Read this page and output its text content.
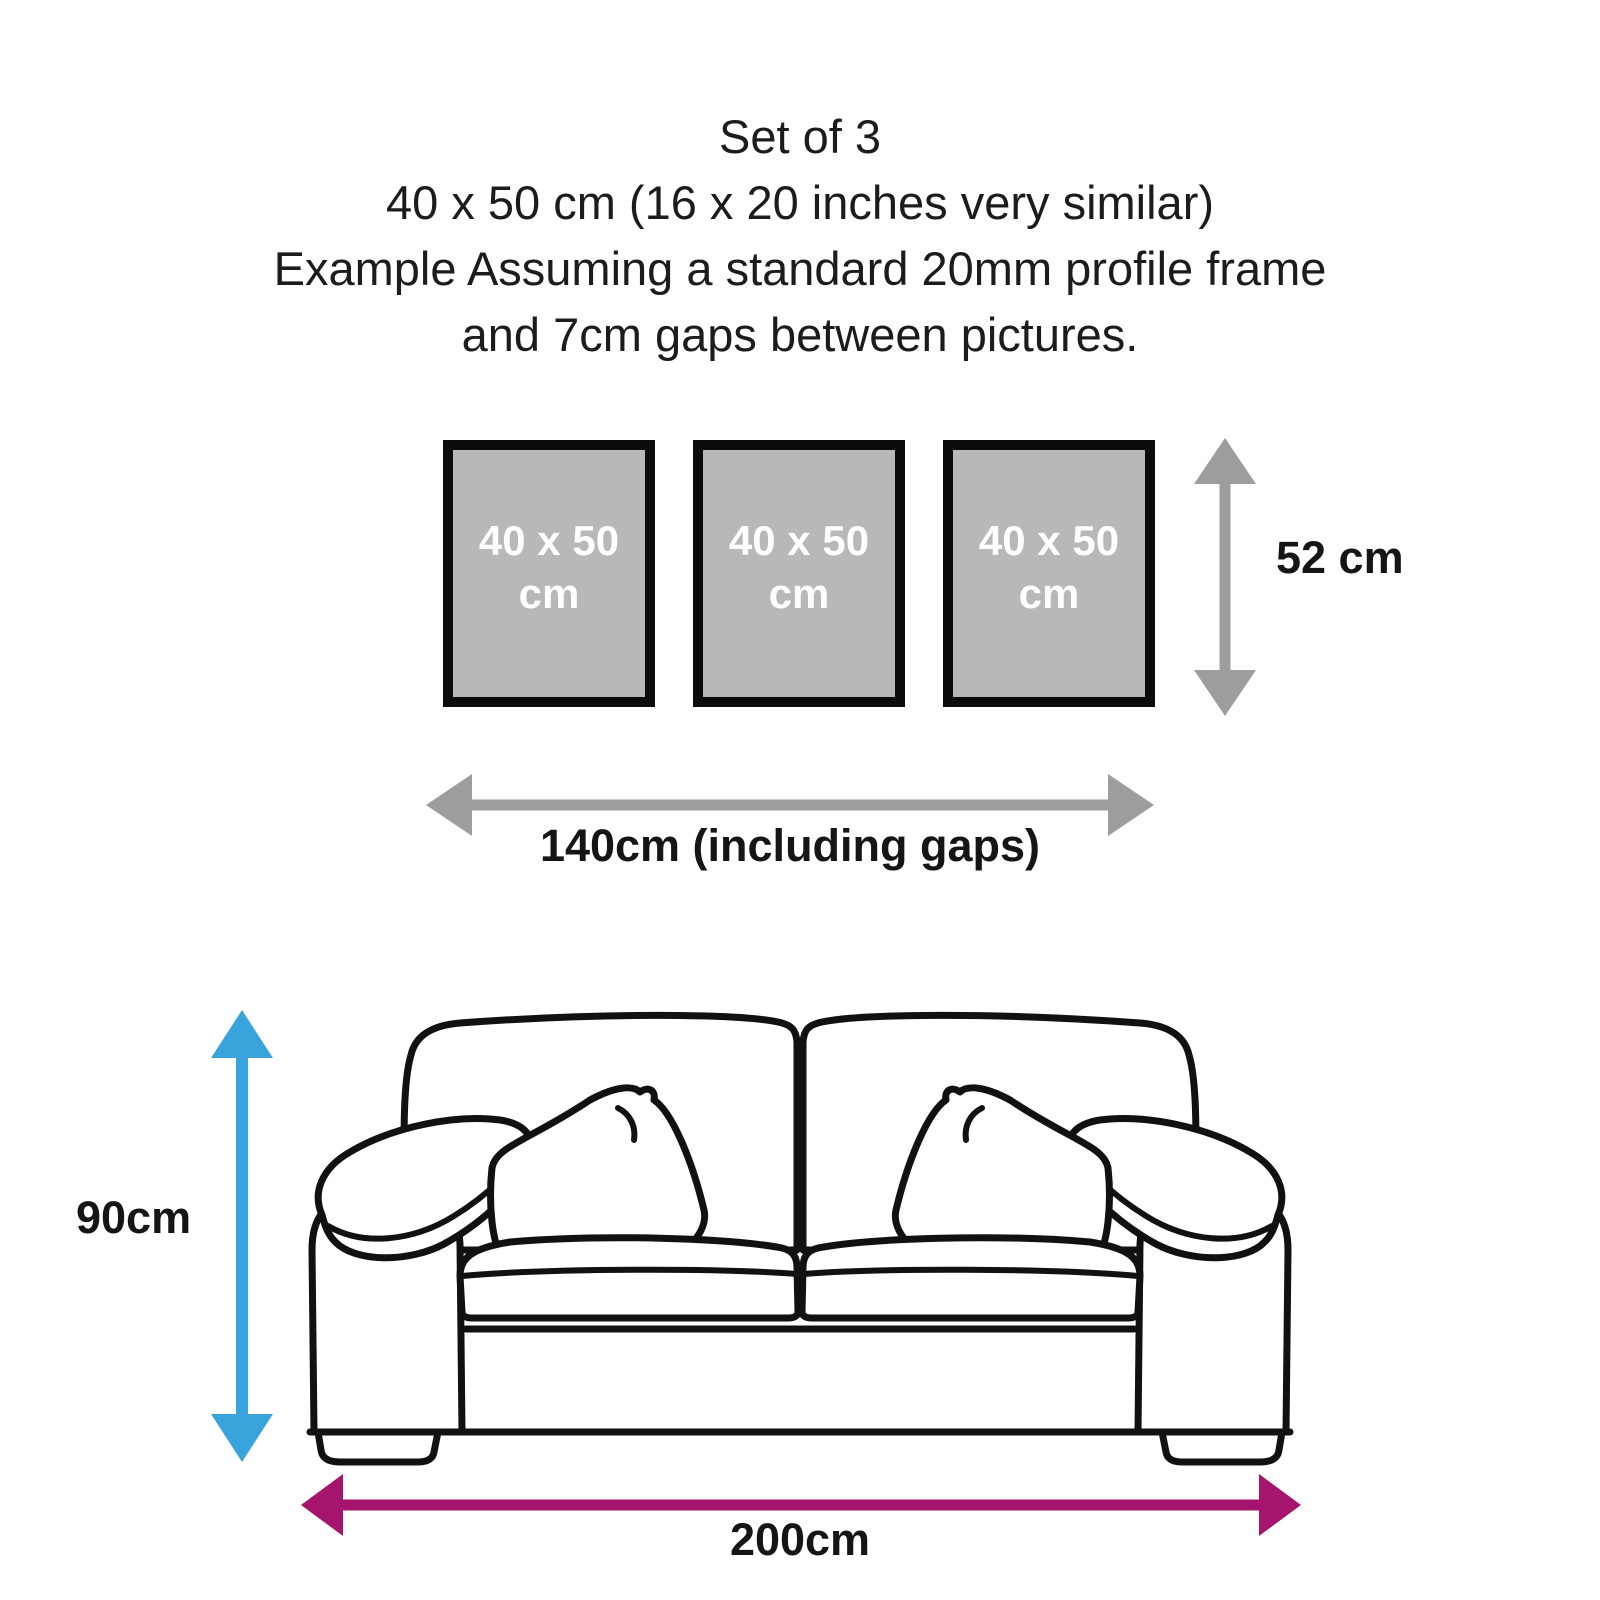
Set of 3
40 x 50 cm (16 x 20 inches very similar)
Example Assuming a standard 20mm profile frame
and 7cm gaps between pictures.
40 x 50
cm
40 x 50
cm
40 x 50
cm
52 cm
140cm (including gaps)
90cm
200cm
